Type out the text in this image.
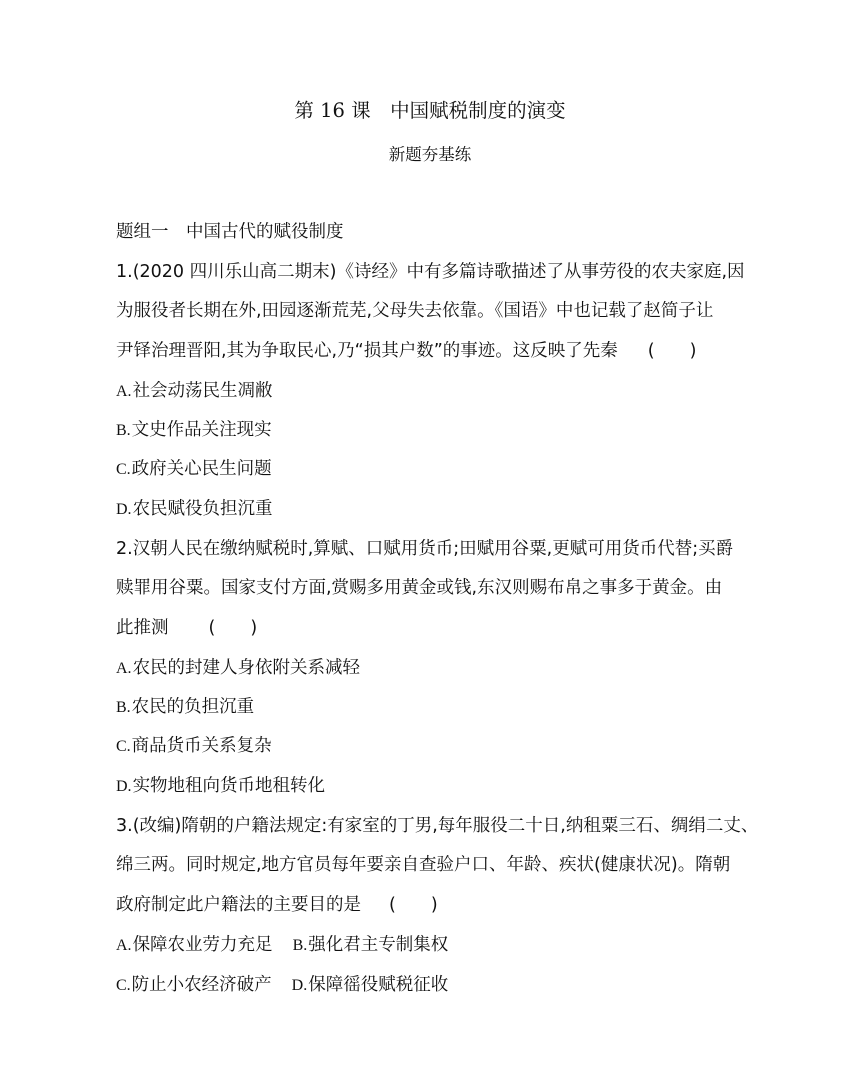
第 16 课　中国赋税制度的演变
新题夯基练
题组一　中国古代的赋役制度
1.(2020 四川乐山高二期末)《诗经》中有多篇诗歌描述了从事劳役的农夫家庭,因
为服役者长期在外,田园逐渐荒芜,父母失去依靠。《国语》中也记载了赵简子让
尹铎治理晋阳,其为争取民心,乃“损其户数”的事迹。这反映了先秦 (　　)
A.社会动荡民生凋敝
B.文史作品关注现实
C.政府关心民生问题
D.农民赋役负担沉重
2.汉朝人民在缴纳赋税时,算赋、口赋用货币;田赋用谷粟,更赋可用货币代替;买爵
赎罪用谷粟。国家支付方面,赏赐多用黄金或钱,东汉则赐布帛之事多于黄金。由
此推测 (　　)
A.农民的封建人身依附关系减轻
B.农民的负担沉重
C.商品货币关系复杂
D.实物地租向货币地租转化
3.(改编)隋朝的户籍法规定:有家室的丁男,每年服役二十日,纳租粟三石、绸绢二丈、
绵三两。同时规定,地方官员每年要亲自查验户口、年龄、疾状(健康状况)。隋朝
政府制定此户籍法的主要目的是 (　　)
A.保障农业劳力充足 B.强化君主专制集权
C.防止小农经济破产 D.保障徭役赋税征收
